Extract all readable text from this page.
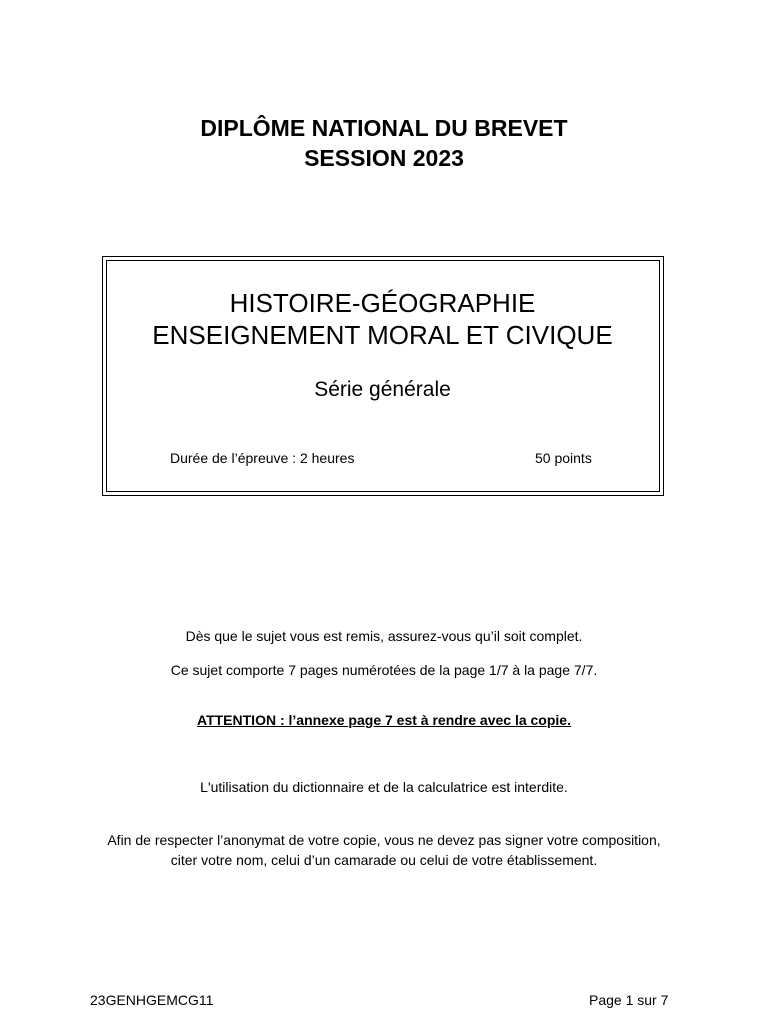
DIPLÔME NATIONAL DU BREVET
SESSION 2023
HISTOIRE-GÉOGRAPHIE
ENSEIGNEMENT MORAL ET CIVIQUE
Série générale
Durée de l’épreuve : 2 heures	50 points
Dès que le sujet vous est remis, assurez-vous qu’il soit complet.
Ce sujet comporte 7 pages numérotées de la page 1/7 à la page 7/7.
ATTENTION : l’annexe page 7 est à rendre avec la copie.
L'utilisation du dictionnaire et de la calculatrice est interdite.
Afin de respecter l’anonymat de votre copie, vous ne devez pas signer votre composition,
citer votre nom, celui d’un camarade ou celui de votre établissement.
23GENHGEMCG11	Page 1 sur 7
